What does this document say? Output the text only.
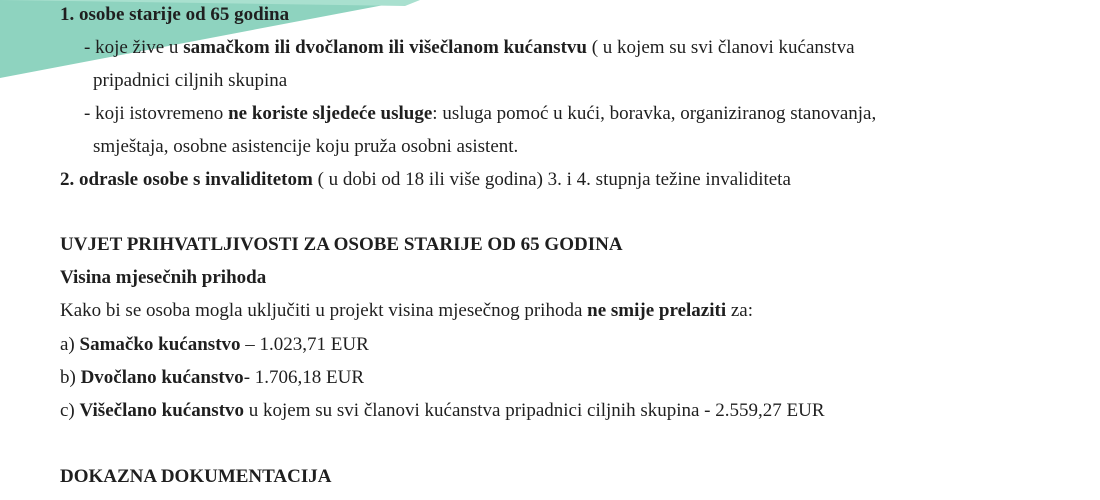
1. osobe starije od 65 godina
- koje žive u samačkom ili dvočlanom ili višečlanom kućanstvu ( u kojem su svi članovi kućanstva
pripadnici ciljnih skupina
- koji istovremeno ne koriste sljedeće usluge: usluga pomoć u kući, boravka, organiziranog stanovanja,
smještaja, osobne asistencije koju pruža osobni asistent.
2. odrasle osobe s invaliditetom ( u dobi od 18 ili više godina) 3. i 4. stupnja težine invaliditeta
UVJET PRIHVATLJIVOSTI ZA OSOBE STARIJE OD 65 GODINA
Visina mjesečnih prihoda
Kako bi se osoba mogla uključiti u projekt visina mjesečnog prihoda ne smije prelaziti za:
a) Samačko kućanstvo – 1.023,71 EUR
b) Dvočlano kućanstvo- 1.706,18 EUR
c) Višečlano kućanstvo u kojem su svi članovi kućanstva pripadnici ciljnih skupina - 2.559,27 EUR
DOKAZNA DOKUMENTACIJA
